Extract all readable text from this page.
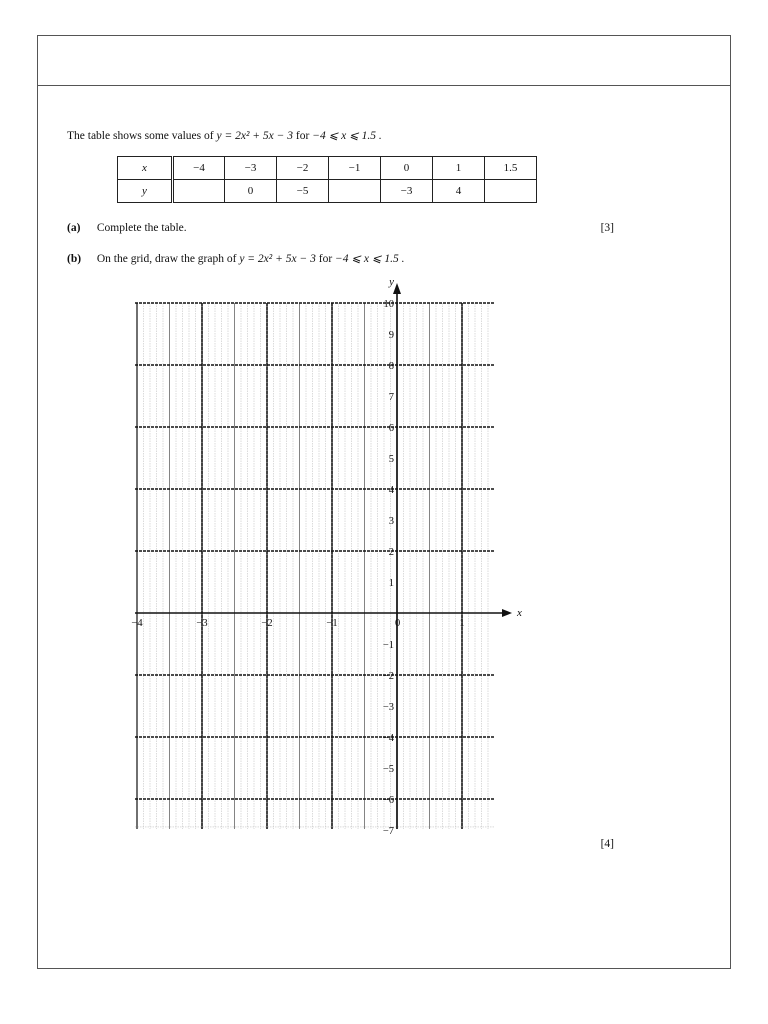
The table shows some values of y = 2x² + 5x − 3 for −4 ⩽ x ⩽ 1.5 .
x	−4	−3	−2	−1	0	1	1.5
y		0	−5		−3	4	
(a) Complete the table.	[3]
(b) On the grid, draw the graph of y = 2x² + 5x − 3 for −4 ⩽ x ⩽ 1.5 .
x
y
−4	−3	−2	−1	0	1
10
9
8
7
6
5
4
3
2
1
−1
−2
−3
−4
−5
−6
−7
[4]
